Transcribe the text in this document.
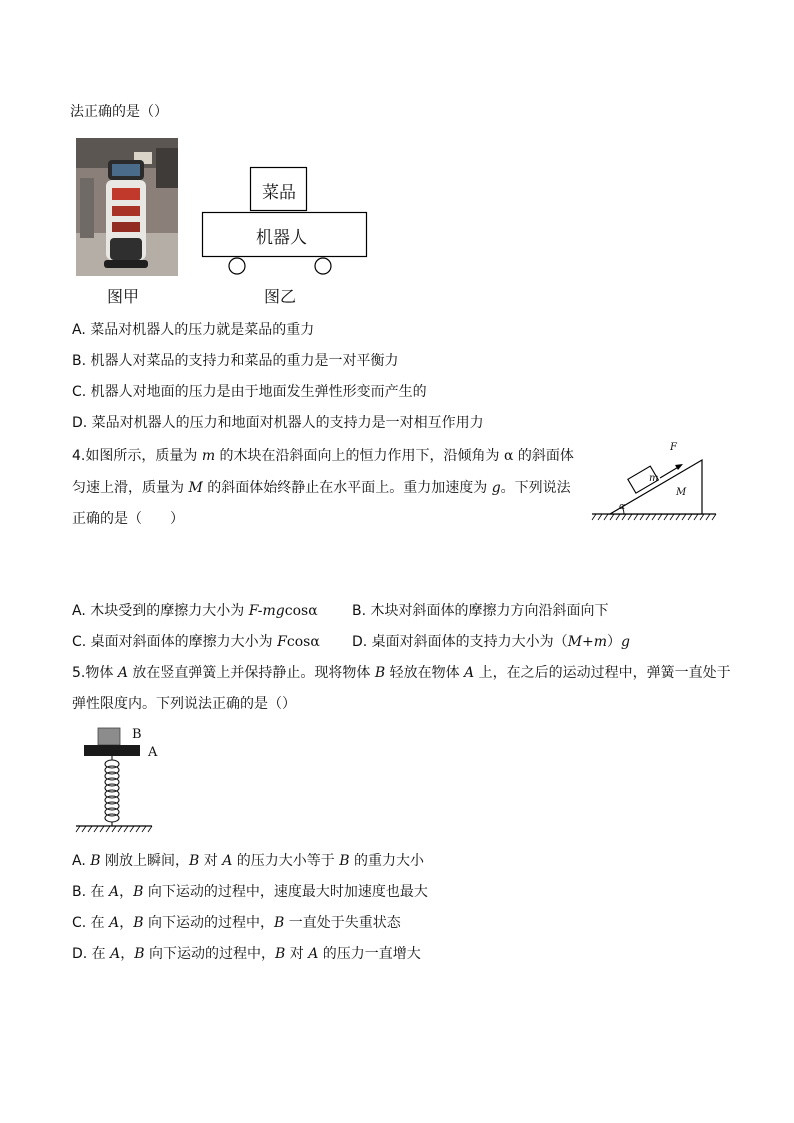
法正确的是（）
图甲
菜品
机器人
图乙
A. 菜品对机器人的压力就是菜品的重力
B. 机器人对菜品的支持力和菜品的重力是一对平衡力
C. 机器人对地面的压力是由于地面发生弹性形变而产生的
D. 菜品对机器人的压力和地面对机器人的支持力是一对相互作用力
4.如图所示，质量为 m 的木块在沿斜面向上的恒力作用下，沿倾角为 α 的斜面体
匀速上滑，质量为 M 的斜面体始终静止在水平面上。重力加速度为 g。下列说法
正确的是（　　）
F
m
M
α
A. 木块受到的摩擦力大小为 F-mgcosα B. 木块对斜面体的摩擦力方向沿斜面向下
C. 桌面对斜面体的摩擦力大小为 Fcosα D. 桌面对斜面体的支持力大小为（M+m）g
5.物体 A 放在竖直弹簧上并保持静止。现将物体 B 轻放在物体 A 上，在之后的运动过程中，弹簧一直处于
弹性限度内。下列说法正确的是（）
B
A
A. B 刚放上瞬间，B 对 A 的压力大小等于 B 的重力大小
B. 在 A，B 向下运动的过程中，速度最大时加速度也最大
C. 在 A，B 向下运动的过程中，B 一直处于失重状态
D. 在 A，B 向下运动的过程中，B 对 A 的压力一直增大
